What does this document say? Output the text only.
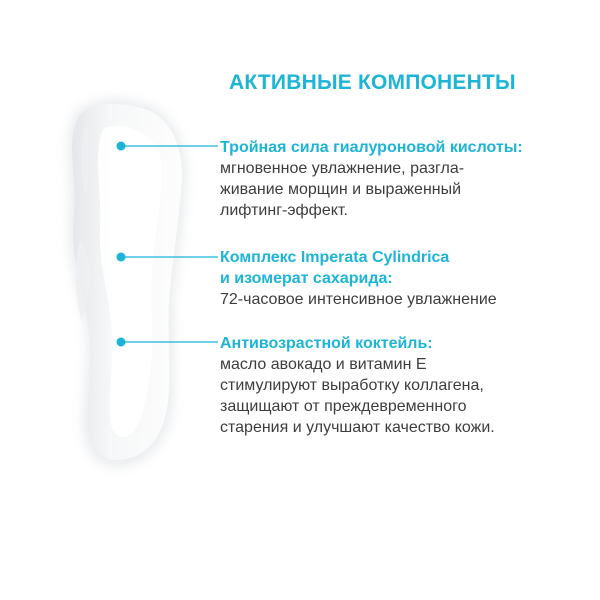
АКТИВНЫЕ КОМПОНЕНТЫ
Тройная сила гиалуроновой кислоты:
мгновенное увлажнение, разгла-
живание морщин и выраженный
лифтинг-эффект.
Комплекс Imperata Cylindrica
и изомерат сахарида:
72-часовое интенсивное увлажнение
Антивозрастной коктейль:
масло авокадо и витамин Е
стимулируют выработку коллагена,
защищают от преждевременного
старения и улучшают качество кожи.
